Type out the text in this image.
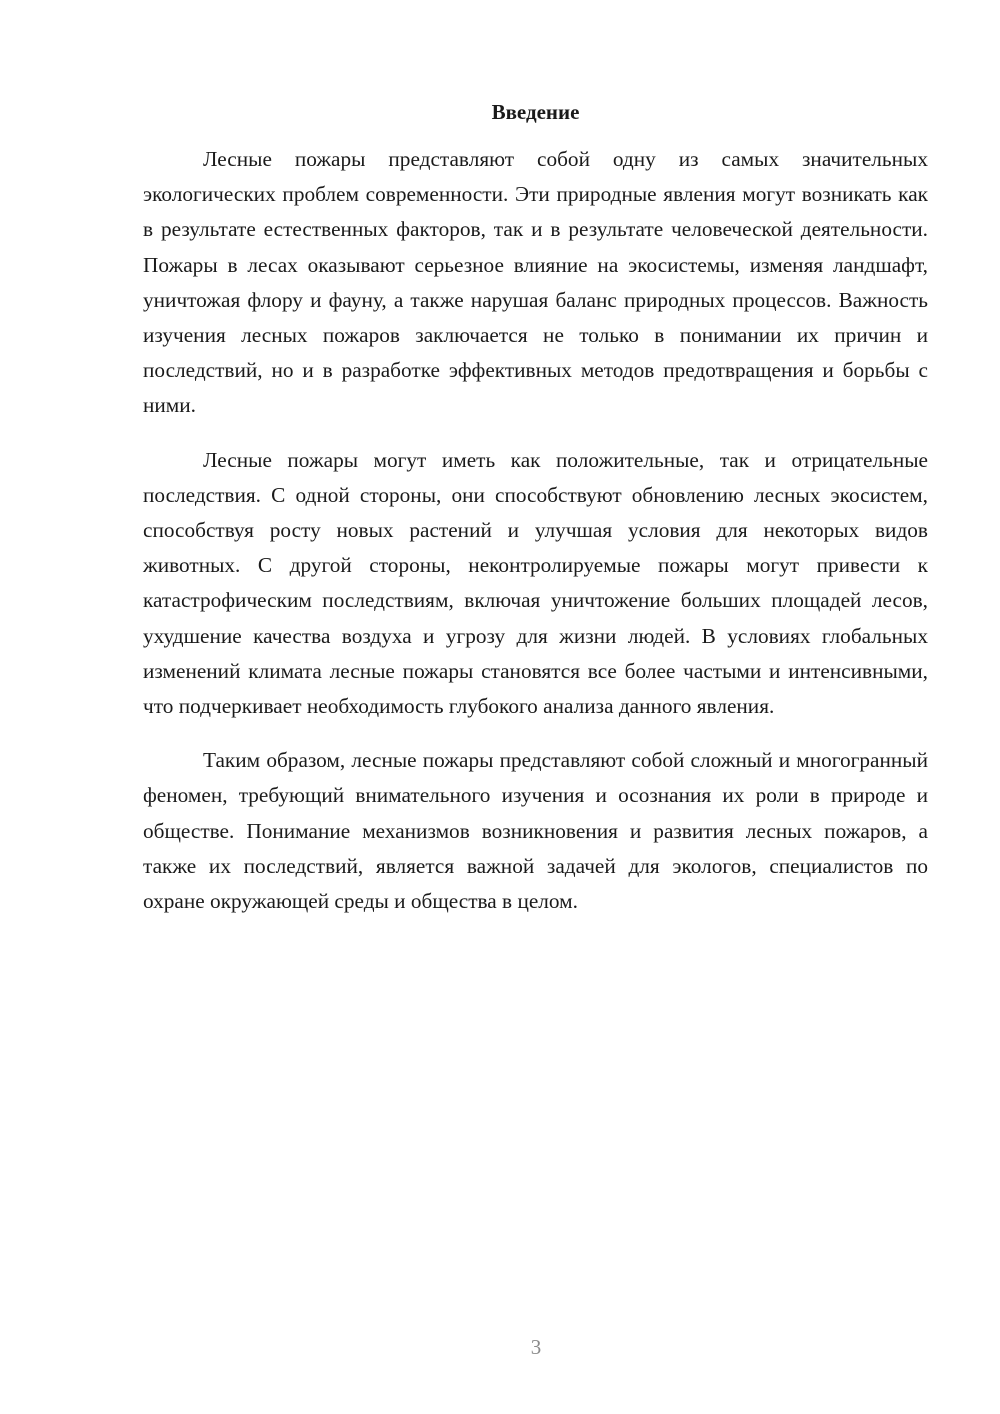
Введение

Лесные пожары представляют собой одну из самых значительных экологических проблем современности. Эти природные явления могут возникать как в результате естественных факторов, так и в результате человеческой деятельности. Пожары в лесах оказывают серьезное влияние на экосистемы, изменяя ландшафт, уничтожая флору и фауну, а также нарушая баланс природных процессов. Важность изучения лесных пожаров заключается не только в понимании их причин и последствий, но и в разработке эффективных методов предотвращения и борьбы с ними.

Лесные пожары могут иметь как положительные, так и отрицательные последствия. С одной стороны, они способствуют обновлению лесных экосистем, способствуя росту новых растений и улучшая условия для некоторых видов животных. С другой стороны, неконтролируемые пожары могут привести к катастрофическим последствиям, включая уничтожение больших площадей лесов, ухудшение качества воздуха и угрозу для жизни людей. В условиях глобальных изменений климата лесные пожары становятся все более частыми и интенсивными, что подчеркивает необходимость глубокого анализа данного явления.

Таким образом, лесные пожары представляют собой сложный и многогранный феномен, требующий внимательного изучения и осознания их роли в природе и обществе. Понимание механизмов возникновения и развития лесных пожаров, а также их последствий, является важной задачей для экологов, специалистов по охране окружающей среды и общества в целом.

3
